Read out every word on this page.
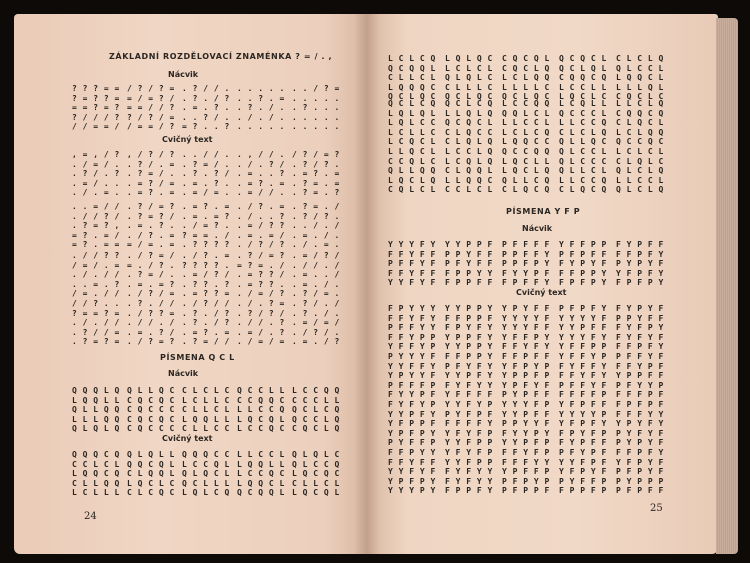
ZÁKLADNÍ ROZDĚLOVACÍ ZNAMÉNKA ? = / . ,
Nácvik
? ? ? = =
? = ? ? =
= = ? = ?
? / / / ?
/ / = = /
/ ? / ? =
= / = ? /
= = / / ?
? / ? / =
/ = = / ?
. ? / / .
. ? . / ?
. = . ? .
. . ? / .
= ? . . ?
. . . . .
. . ? . =
. ? . / .
. / . / .
. . . . .
. . / ? =
. . . . .
. ? . . .
. . . . .
. . . . .
Cvičný text
, = , / ?
. / = / .
. ? / . ?
. = / . .
. / . = .
, / ? / ?
. ? / . =
. ? = / .
. = ? / =
. = ? . =
. . / / .
. ? = / .
. ? . ? /
. = . ? .
. = / = .
. , / / .
. / . ? /
. = . . ?
. = ? . =
. = / / .
/ ? / = ?
. ? / ? .
. = ? . =
. ? = . =
. ? = . ?
. . = / /
. / / ? /
. ? = ? ,
= ? . = /
= ? . = =
. ? / = ?
. ? = ? /
. = . ? .
. / ? . =
= / = . =
. = ? . =
. = . = ?
. / = ? .
? = = . /
. ? ? ? ?
. / ? . =
. / . . ?
. = / ? ?
. = . = /
. / ? / ?
. ? = . /
. ? / ? .
. . / . /
. = . / .
. / . = .
. / / ? ?
/ = / . =
. / . / /
. . = . ?
/ = . / /
. / ? = /
= . / ? .
. ? = / .
. = . = ?
. / ? / =
. / ? . =
? ? ? ? .
. = / ? /
. ? ? . ?
. = ? ? =
. ? / = ?
= ? = . /
. = ? ? /
. = ? ? .
. / = / ?
. = / ? /
. / / . /
. = . . /
. = . / .
. ? / = .
/ / ? . .
? = = ? =
. / . / /
. ? / / =
. ? = ? =
. ? . / /
. / ? ? =
. / / . /
. = . ? /
. / ? = ?
. / ? / /
. ? . / ?
. ? . / ?
. = ? . =
. ? = / /
. / . ? =
. ? / ? /
. / / . ?
. = / . ?
. / = / =
. ? / . /
. ? . / .
. = / = /
. / ? / .
. = . / ?
Nácvik
Q Q Q L Q
L Q Q L L
Q L L Q Q
L L L Q Q
Q L Q L Q
Q L L Q C
C Q C Q C
C Q C C C
C Q C Q C
C Q C C C
C L C L C
L C L L C
C L L C L
L Q Q L L
C L L C C
Q C C L L
C C Q Q C
L L C C Q
L Q C Q L
L C C Q C
L C C Q Q
C C C L L
Q C L C Q
Q C C L Q
C Q C L Q
Cvičný text
Q Q Q C Q
C C L C L
L Q Q C Q
C L L Q Q
L C L L L
Q L Q L L
Q Q C Q L
C L Q Q L
L Q C L C
C L C Q C
Q Q Q C C
L C C Q L
Q L Q C L
Q C L L L
L Q L C Q
L L C C L
L Q Q L L
L C C Q C
L Q Q C L
Q C Q Q L
Q L Q L C
Q L C C Q
L Q C Q C
C L L C L
L Q C Q L
PÍSMENA Q C L
24
L C L C Q
Q C Q Q L
C L L C L
L Q Q Q C
Q C L Q C
L Q L Q C
L C L C L
Q L Q L C
C L L L C
Q C L Q C
C Q C Q L
C Q C L Q
L C L Q Q
L L L L C
Q C L Q C
Q C Q C L
Q C L Q L
C Q Q C Q
L C C L L
L Q C L C
C L C L Q
Q L C C L
L Q Q C L
L L L Q L
C Q C L C
Q C L C Q
L Q L Q L
L Q L C C
L C L L C
L C Q C L
Q C L C Q
L L Q L Q
Q C Q C L
C L Q C C
C L Q L Q
L C C Q Q
Q Q L C L
L L C C L
L C L C Q
L Q Q C C
L C Q L L
Q C C C L
L L C C Q
C L C L Q
Q L L Q C
L L C L Q
C Q Q C Q
C L Q C L
L C L Q Q
Q C C Q C
L L Q C L
C C Q L C
Q L L Q Q
L Q C L Q
C Q L C L
L C C L Q
L C Q L Q
C L Q Q L
L L Q Q C
C C L C L
Q C C Q Q
L Q C L L
L Q C L Q
Q L L C Q
C L Q C Q
Q L C C L
Q L C C C
Q L L C L
L L C C Q
C L Q C Q
L C L C L
C L Q L C
Q L C L Q
L L C C L
Q L C L Q
Nácvik
Y Y Y F Y
F F Y F F
P F F Y F
F F Y F F
Y Y F Y F
Y Y P P F
P P Y F F
P F Y F F
F P P Y Y
F P P F F
P F F F F
P P F F Y
P P F P Y
F Y Y P F
F P F F Y
Y F F P P
P F P F F
F Y P Y F
F F P P Y
F P F P Y
F Y P F F
F F P F Y
P Y P Y F
Y F P F Y
F P F P Y
Cvičný text
F P Y Y Y
F F Y F Y
P F F Y Y
F F Y P P
Y F F Y P
Y Y P P Y
F F P P F
F P Y F Y
Y P P F Y
Y Y P P Y
Y P Y F F
Y Y Y Y F
Y Y Y F F
Y F F P Y
F F Y F Y
P F P F Y
Y Y Y Y F
Y Y P F F
Y Y Y F Y
Y F F P P
F Y P Y F
P P Y F F
F Y F P Y
F Y F Y F
F F P F Y
P Y Y Y F
Y Y F F Y
Y P Y Y F
P F F F P
F Y Y P F
F F P P Y
P F Y F Y
Y Y P F Y
F Y F Y Y
Y F F F F
F F P F F
Y F P Y P
Y P P F P
Y P F Y F
P Y P F F
Y F F Y P
F Y F F Y
F F Y F Y
P F F Y F
F F F F P
P F F Y F
F F Y P F
Y P P F F
P F Y Y P
F F F P F
F Y F Y P
Y Y P F Y
Y F P P F
Y P F P Y
P Y F F P
Y Y F Y P
P Y F P F
F F F F Y
Y F Y F P
Y Y F P P
Y Y Y F P
Y Y P F F
P P Y Y F
F Y Y P Y
Y Y P F P
Y F P F F
Y Y Y Y P
Y F P F Y
F P Y F P
F Y P F F
F P F P F
F F F Y Y
Y P Y F Y
P Y F Y F
P Y P Y F
F F P Y Y
F F Y F F
Y Y F Y F
Y P F P Y
Y Y Y P Y
Y F Y F P
Y Y F P P
F Y F Y Y
F Y F Y Y
F P P F Y
F F Y F P
F F F Y Y
Y P F F P
P F P Y P
P F P P F
P F Y P F
Y Y F P F
Y F P Y F
P Y F F P
F P P F P
F F P F Y
Y F P Y F
P F P Y F
P Y P P P
P F P F F
PÍSMENA Y F P
25
